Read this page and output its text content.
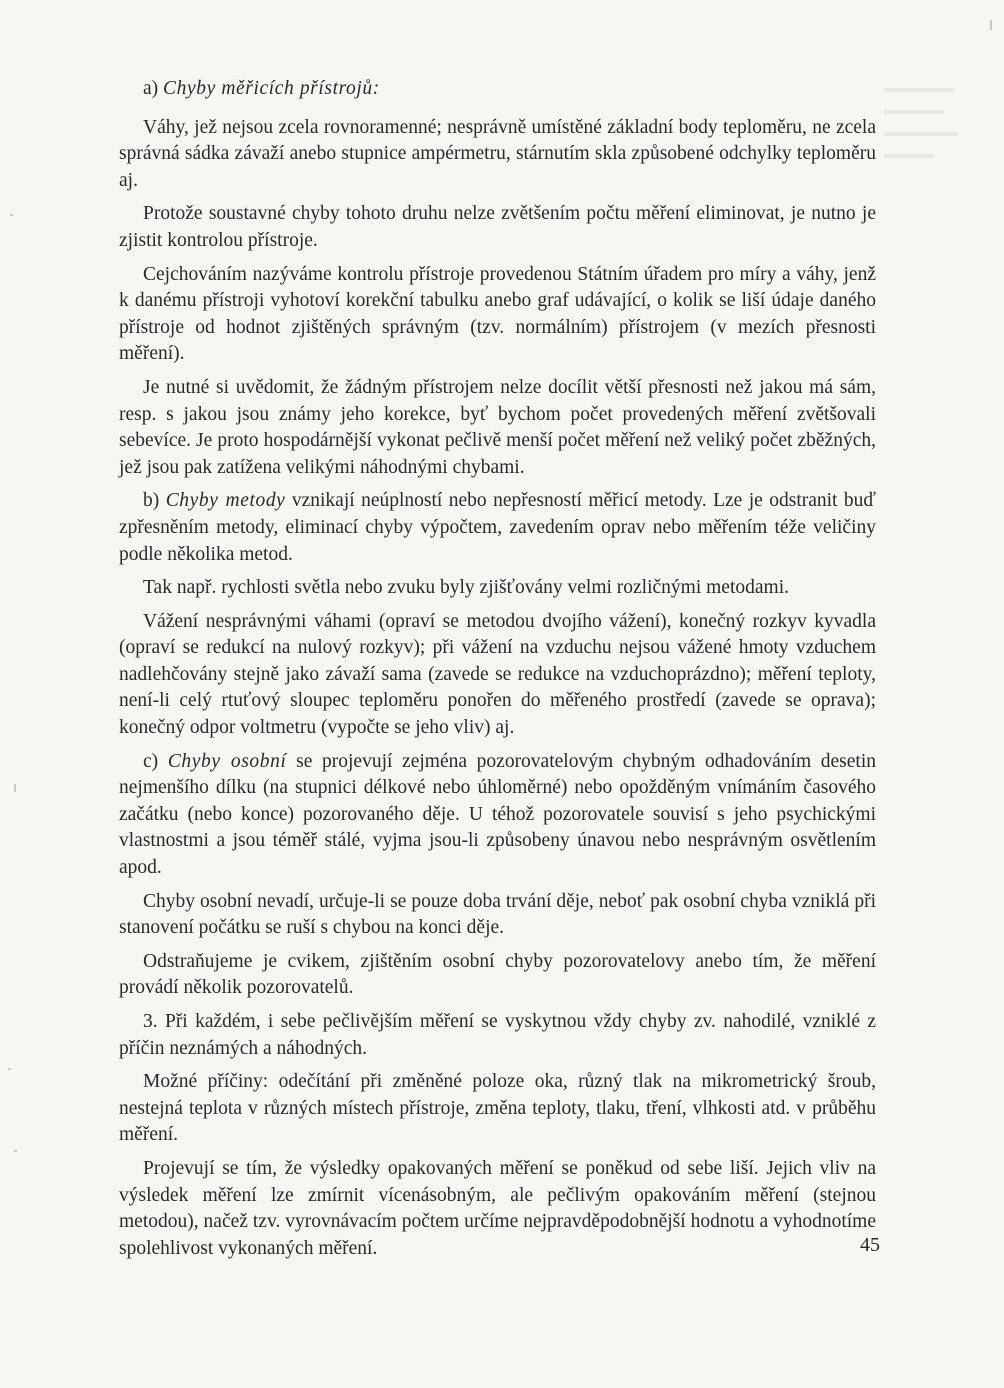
a) Chyby měřicích přístrojů:

Váhy, jež nejsou zcela rovnoramenné; nesprávně umístěné základní body teploměru, ne zcela správná sádka závaží anebo stupnice ampérmetru, stárnutím skla způsobené odchylky teploměru aj.

Protože soustavné chyby tohoto druhu nelze zvětšením počtu měření eliminovat, je nutno je zjistit kontrolou přístroje.

Cejchováním nazýváme kontrolu přístroje provedenou Státním úřadem pro míry a váhy, jenž k danému přístroji vyhotoví korekční tabulku anebo graf udávající, o kolik se liší údaje daného přístroje od hodnot zjištěných správným (tzv. normálním) přístrojem (v mezích přesnosti měření).

Je nutné si uvědomit, že žádným přístrojem nelze docílit větší přesnosti než jakou má sám, resp. s jakou jsou známy jeho korekce, byť bychom počet provedených měření zvětšovali sebevíce. Je proto hospodárnější vykonat pečlivě menší počet měření než veliký počet zběžných, jež jsou pak zatížena velikými náhodnými chybami.

b) Chyby metody vznikají neúplností nebo nepřesností měřicí metody. Lze je odstranit buď zpřesněním metody, eliminací chyby výpočtem, zavedením oprav nebo měřením téže veličiny podle několika metod.

Tak např. rychlosti světla nebo zvuku byly zjišťovány velmi rozličnými metodami.

Vážení nesprávnými váhami (opraví se metodou dvojího vážení), konečný rozkyv kyvadla (opraví se redukcí na nulový rozkyv); při vážení na vzduchu nejsou vážené hmoty vzduchem nadlehčovány stejně jako závaží sama (zavede se redukce na vzduchoprázdno); měření teploty, není-li celý rtuťový sloupec teploměru ponořen do měřeného prostředí (zavede se oprava); konečný odpor voltmetru (vypočte se jeho vliv) aj.

c) Chyby osobní se projevují zejména pozorovatelovým chybným odhadováním desetin nejmenšího dílku (na stupnici délkové nebo úhloměrné) nebo opožděným vnímáním časového začátku (nebo konce) pozorovaného děje. U téhož pozorovatele souvisí s jeho psychickými vlastnostmi a jsou téměř stálé, vyjma jsou-li způsobeny únavou nebo nesprávným osvětlením apod.

Chyby osobní nevadí, určuje-li se pouze doba trvání děje, neboť pak osobní chyba vzniklá při stanovení počátku se ruší s chybou na konci děje.

Odstraňujeme je cvikem, zjištěním osobní chyby pozorovatelovy anebo tím, že měření provádí několik pozorovatelů.

3. Při každém, i sebe pečlivějším měření se vyskytnou vždy chyby zv. nahodilé, vzniklé z příčin neznámých a náhodných.

Možné příčiny: odečítání při změněné poloze oka, různý tlak na mikrometrický šroub, nestejná teplota v různých místech přístroje, změna teploty, tlaku, tření, vlhkosti atd. v průběhu měření.

Projevují se tím, že výsledky opakovaných měření se poněkud od sebe liší. Jejich vliv na výsledek měření lze zmírnit vícenásobným, ale pečlivým opakováním měření (stejnou metodou), načež tzv. vyrovnávacím počtem určíme nejpravděpodobnější hodnotu a vyhodnotíme spolehlivost vykonaných měření.	45
